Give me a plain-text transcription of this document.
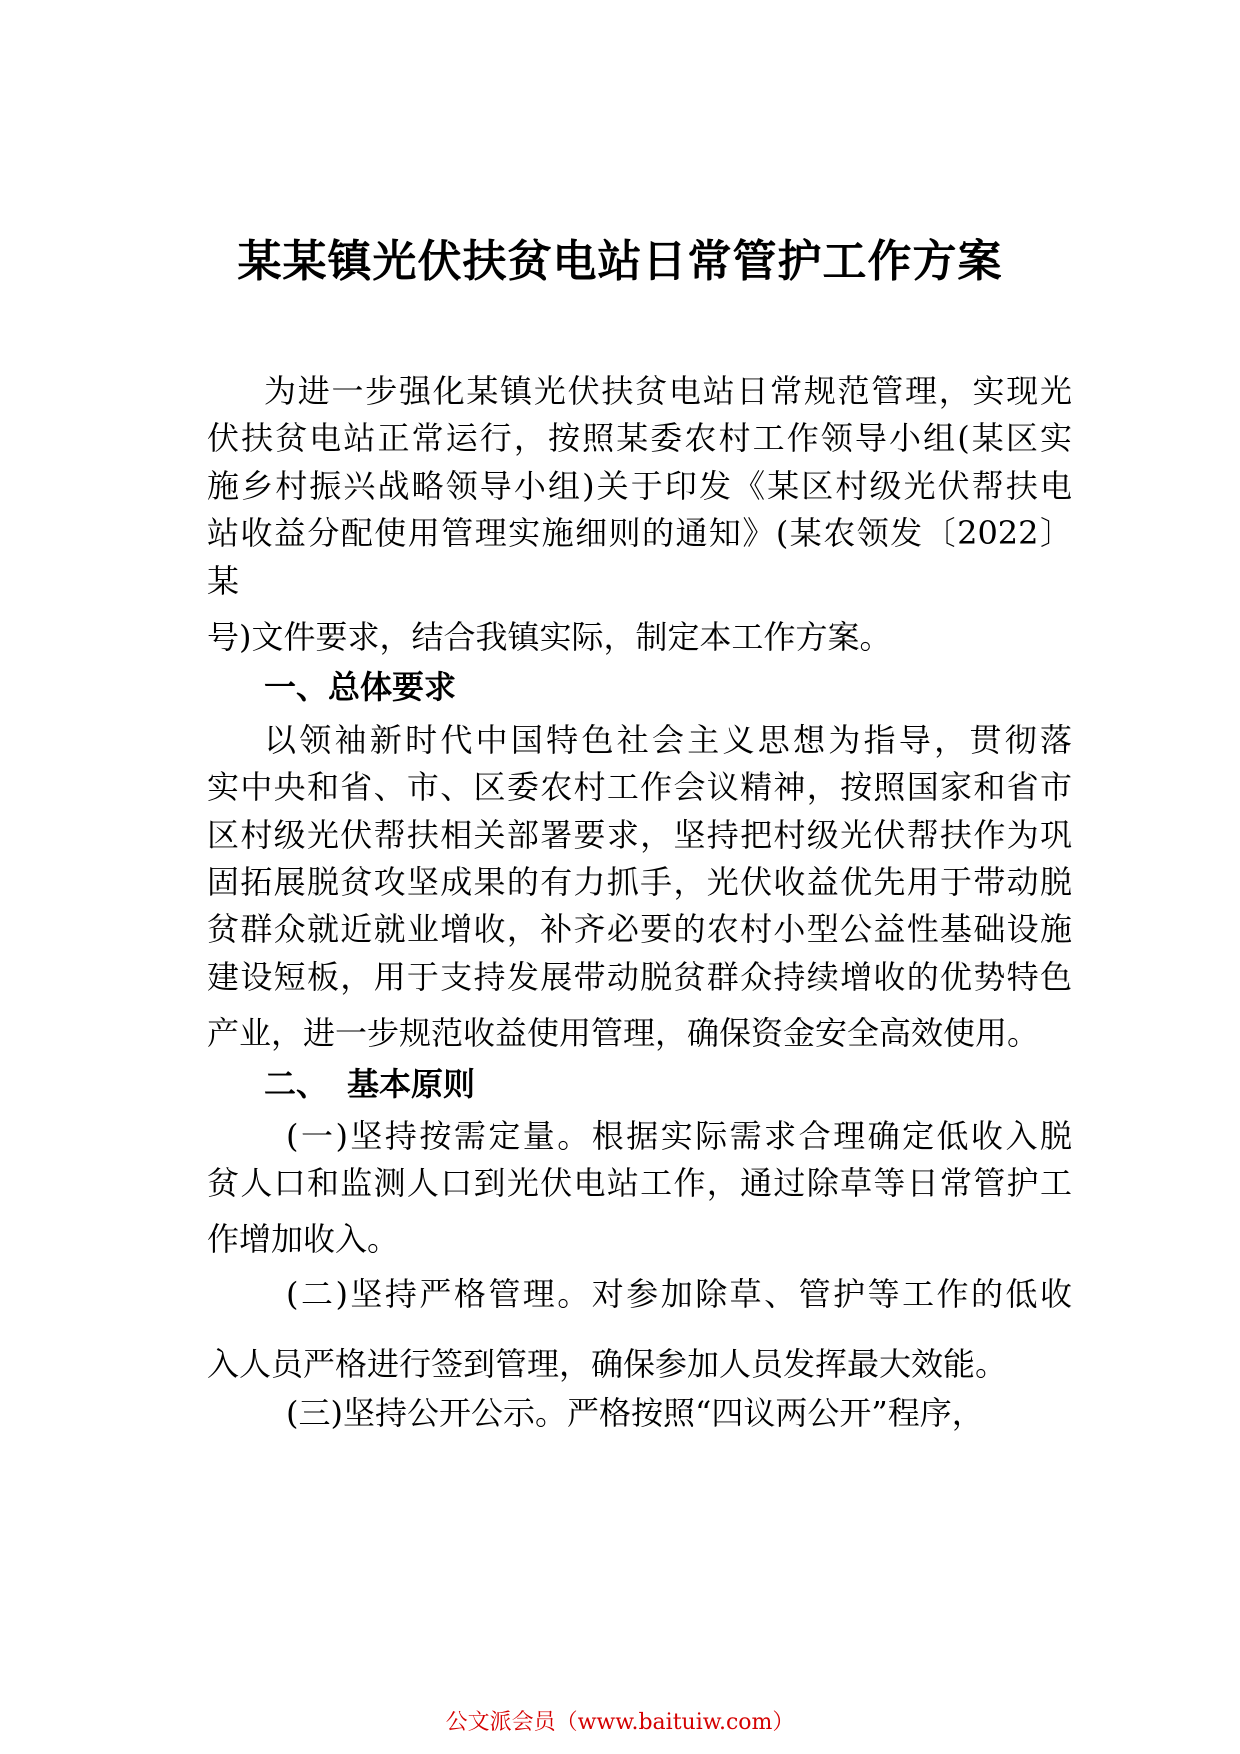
某某镇光伏扶贫电站日常管护工作方案
为进一步强化某镇光伏扶贫电站日常规范管理，实现光
伏扶贫电站正常运行，按照某委农村工作领导小组(某区实
施乡村振兴战略领导小组)关于印发《某区村级光伏帮扶电
站收益分配使用管理实施细则的通知》(某农领发〔2022〕
某
号)文件要求，结合我镇实际，制定本工作方案。
一、总体要求
以领袖新时代中国特色社会主义思想为指导，贯彻落
实中央和省、市、区委农村工作会议精神，按照国家和省市
区村级光伏帮扶相关部署要求，坚持把村级光伏帮扶作为巩
固拓展脱贫攻坚成果的有力抓手，光伏收益优先用于带动脱
贫群众就近就业增收，补齐必要的农村小型公益性基础设施
建设短板，用于支持发展带动脱贫群众持续增收的优势特色
产业，进一步规范收益使用管理，确保资金安全高效使用。
二、 基本原则
(一)坚持按需定量。根据实际需求合理确定低收入脱
贫人口和监测人口到光伏电站工作，通过除草等日常管护工
作增加收入。
(二)坚持严格管理。对参加除草、管护等工作的低收
入人员严格进行签到管理，确保参加人员发挥最大效能。
(三)坚持公开公示。严格按照“四议两公开”程序，
公文派会员（www.baituiw.com）
